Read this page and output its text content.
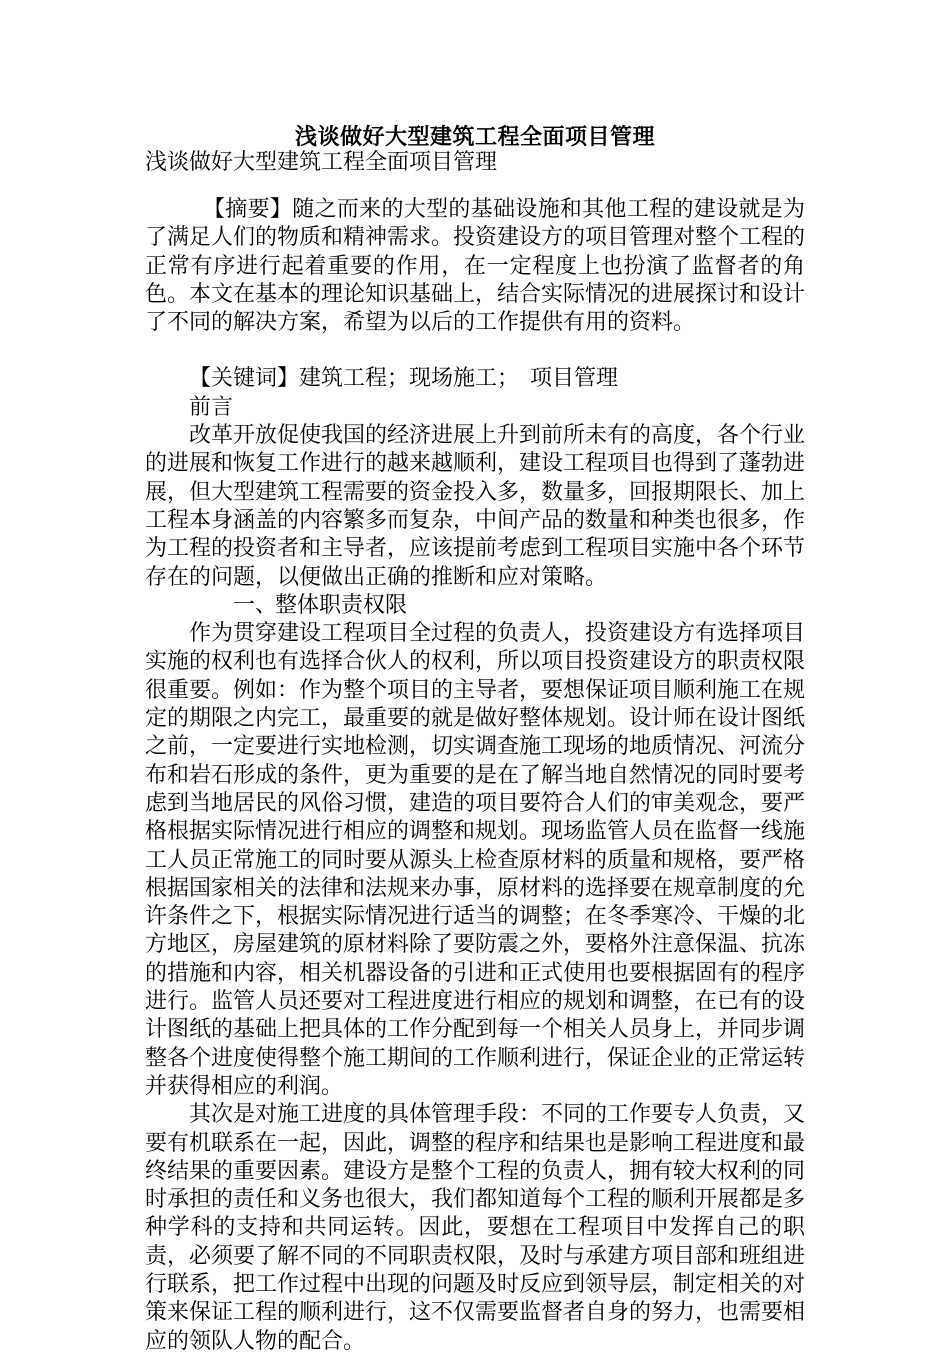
浅谈做好大型建筑工程全面项目管理
浅谈做好大型建筑工程全面项目管理

【摘要】随之而来的大型的基础设施和其他工程的建设就是为了满足人们的物质和精神需求。投资建设方的项目管理对整个工程的正常有序进行起着重要的作用，在一定程度上也扮演了监督者的角色。本文在基本的理论知识基础上，结合实际情况的进展探讨和设计了不同的解决方案，希望为以后的工作提供有用的资料。

【关键词】建筑工程；现场施工；　项目管理

前言

改革开放促使我国的经济进展上升到前所未有的高度，各个行业的进展和恢复工作进行的越来越顺利，建设工程项目也得到了蓬勃进展，但大型建筑工程需要的资金投入多，数量多，回报期限长、加上工程本身涵盖的内容繁多而复杂，中间产品的数量和种类也很多，作为工程的投资者和主导者，应该提前考虑到工程项目实施中各个环节存在的问题，以便做出正确的推断和应对策略。

一、整体职责权限

作为贯穿建设工程项目全过程的负责人，投资建设方有选择项目实施的权利也有选择合伙人的权利，所以项目投资建设方的职责权限很重要。例如：作为整个项目的主导者，要想保证项目顺利施工在规定的期限之内完工，最重要的就是做好整体规划。设计师在设计图纸之前，一定要进行实地检测，切实调查施工现场的地质情况、河流分布和岩石形成的条件，更为重要的是在了解当地自然情况的同时要考虑到当地居民的风俗习惯，建造的项目要符合人们的审美观念，要严格根据实际情况进行相应的调整和规划。现场监管人员在监督一线施工人员正常施工的同时要从源头上检查原材料的质量和规格，要严格根据国家相关的法律和法规来办事，原材料的选择要在规章制度的允许条件之下，根据实际情况进行适当的调整；在冬季寒冷、干燥的北方地区，房屋建筑的原材料除了要防震之外，要格外注意保温、抗冻的措施和内容，相关机器设备的引进和正式使用也要根据固有的程序进行。监管人员还要对工程进度进行相应的规划和调整，在已有的设计图纸的基础上把具体的工作分配到每一个相关人员身上，并同步调整各个进度使得整个施工期间的工作顺利进行，保证企业的正常运转并获得相应的利润。

其次是对施工进度的具体管理手段：不同的工作要专人负责，又要有机联系在一起，因此，调整的程序和结果也是影响工程进度和最终结果的重要因素。建设方是整个工程的负责人，拥有较大权利的同时承担的责任和义务也很大，我们都知道每个工程的顺利开展都是多种学科的支持和共同运转。因此，要想在工程项目中发挥自己的职责，必须要了解不同的不同职责权限，及时与承建方项目部和班组进行联系，把工作过程中出现的问题及时反应到领导层，制定相关的对策来保证工程的顺利进行，这不仅需要监督者自身的努力，也需要相应的领队人物的配合。
